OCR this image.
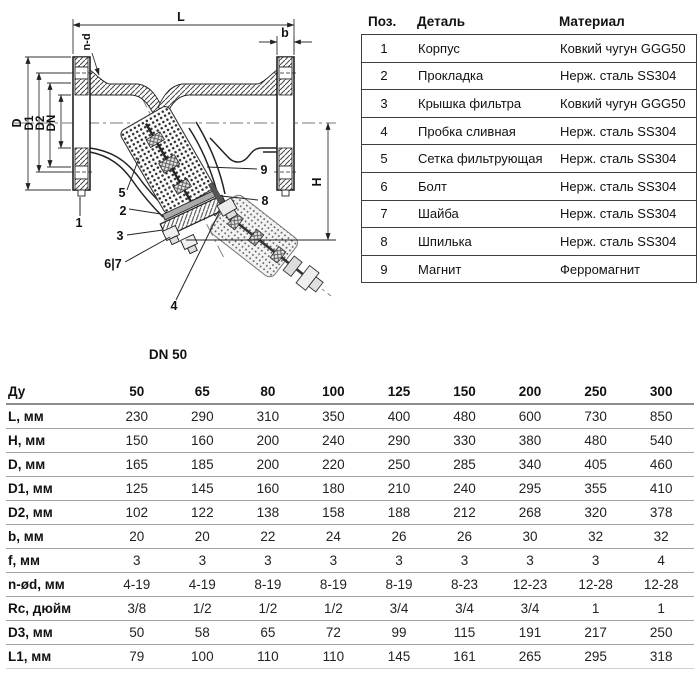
L
b
n-d
D D1 D2 DN
H
1
5
2
3
6|7
4
8
9
DN 50
Поз.	Деталь	Материал
1	Корпус	Ковкий чугун GGG50
2	Прокладка	Нерж. сталь SS304
3	Крышка фильтра	Ковкий чугун GGG50
4	Пробка сливная	Нерж. сталь SS304
5	Сетка фильтрующая	Нерж. сталь SS304
6	Болт	Нерж. сталь SS304
7	Шайба	Нерж. сталь SS304
8	Шпилька	Нерж. сталь SS304
9	Магнит	Ферромагнит
Ду	50	65	80	100	125	150	200	250	300
L, мм	230	290	310	350	400	480	600	730	850
H, мм	150	160	200	240	290	330	380	480	540
D, мм	165	185	200	220	250	285	340	405	460
D1, мм	125	145	160	180	210	240	295	355	410
D2, мм	102	122	138	158	188	212	268	320	378
b, мм	20	20	22	24	26	26	30	32	32
f, мм	3	3	3	3	3	3	3	3	4
n-ød, мм	4-19	4-19	8-19	8-19	8-19	8-23	12-23	12-28	12-28
Rc, дюйм	3/8	1/2	1/2	1/2	3/4	3/4	3/4	1	1
D3, мм	50	58	65	72	99	115	191	217	250
L1, мм	79	100	110	110	145	161	265	295	318
